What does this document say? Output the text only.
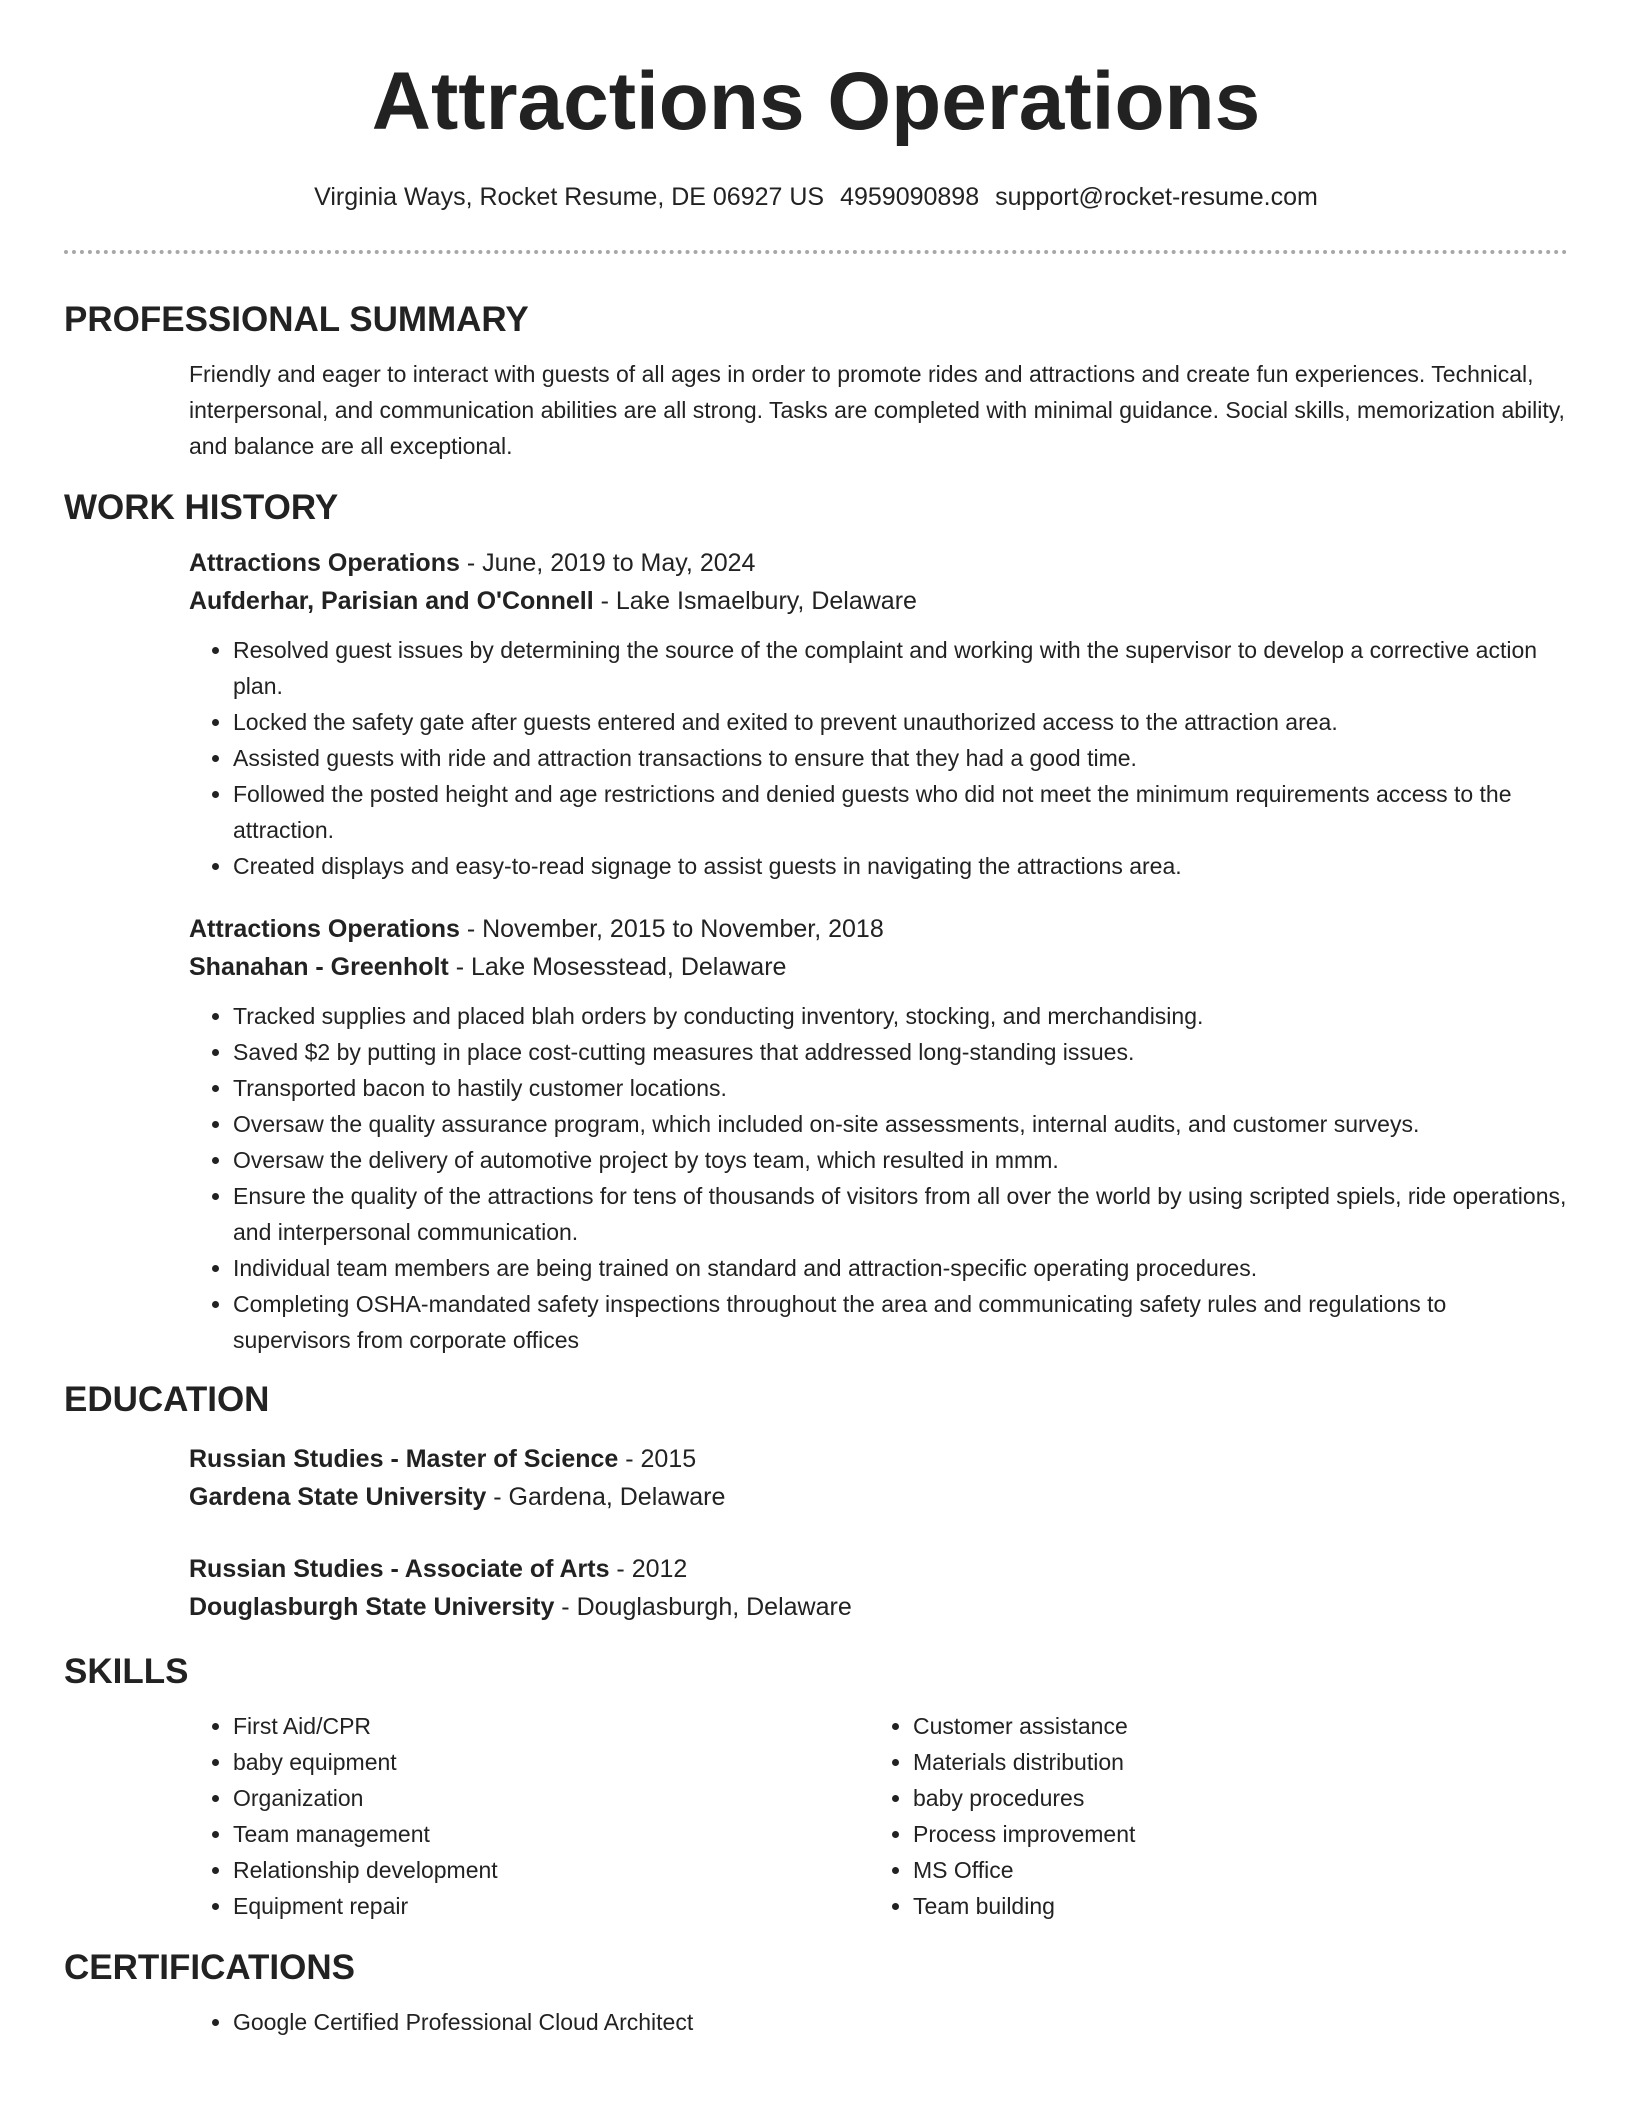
Attractions Operations
Virginia Ways, Rocket Resume, DE 06927 US 4959090898 support@rocket-resume.com
PROFESSIONAL SUMMARY
Friendly and eager to interact with guests of all ages in order to promote rides and attractions and create fun experiences. Technical, interpersonal, and communication abilities are all strong. Tasks are completed with minimal guidance. Social skills, memorization ability, and balance are all exceptional.
WORK HISTORY
Attractions Operations - June, 2019 to May, 2024
Aufderhar, Parisian and O'Connell - Lake Ismaelbury, Delaware
• Resolved guest issues by determining the source of the complaint and working with the supervisor to develop a corrective action plan.
• Locked the safety gate after guests entered and exited to prevent unauthorized access to the attraction area.
• Assisted guests with ride and attraction transactions to ensure that they had a good time.
• Followed the posted height and age restrictions and denied guests who did not meet the minimum requirements access to the attraction.
• Created displays and easy-to-read signage to assist guests in navigating the attractions area.
Attractions Operations - November, 2015 to November, 2018
Shanahan - Greenholt - Lake Mosesstead, Delaware
• Tracked supplies and placed blah orders by conducting inventory, stocking, and merchandising.
• Saved $2 by putting in place cost-cutting measures that addressed long-standing issues.
• Transported bacon to hastily customer locations.
• Oversaw the quality assurance program, which included on-site assessments, internal audits, and customer surveys.
• Oversaw the delivery of automotive project by toys team, which resulted in mmm.
• Ensure the quality of the attractions for tens of thousands of visitors from all over the world by using scripted spiels, ride operations, and interpersonal communication.
• Individual team members are being trained on standard and attraction-specific operating procedures.
• Completing OSHA-mandated safety inspections throughout the area and communicating safety rules and regulations to supervisors from corporate offices
EDUCATION
Russian Studies - Master of Science - 2015
Gardena State University - Gardena, Delaware
Russian Studies - Associate of Arts - 2012
Douglasburgh State University - Douglasburgh, Delaware
SKILLS
• First Aid/CPR
• baby equipment
• Organization
• Team management
• Relationship development
• Equipment repair
• Customer assistance
• Materials distribution
• baby procedures
• Process improvement
• MS Office
• Team building
CERTIFICATIONS
• Google Certified Professional Cloud Architect
